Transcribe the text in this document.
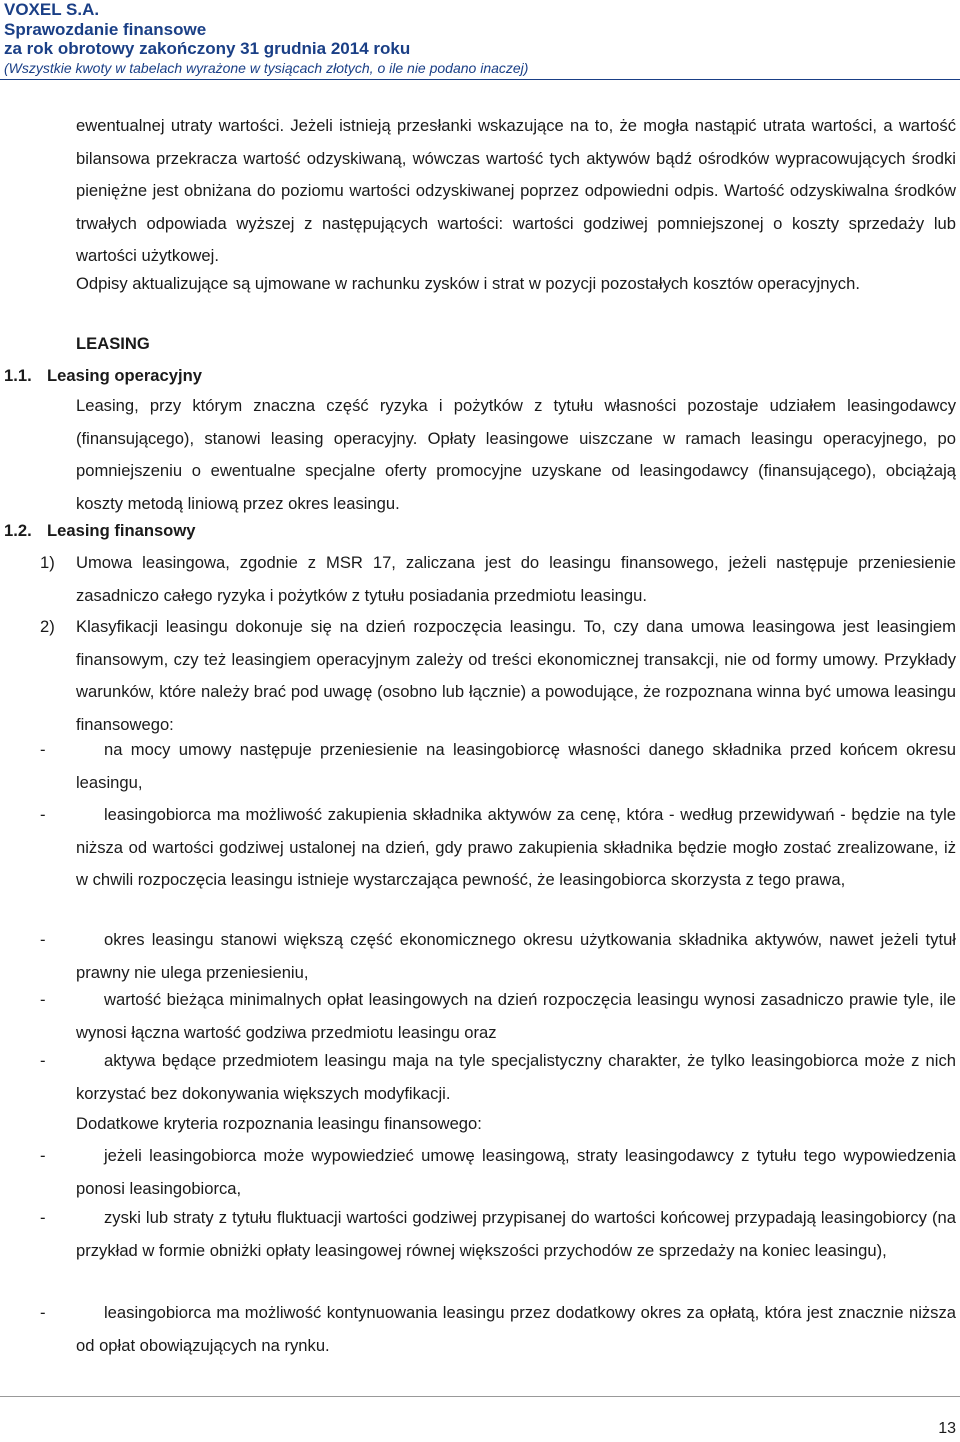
VOXEL S.A.
Sprawozdanie finansowe
za rok obrotowy zakończony 31 grudnia 2014 roku
(Wszystkie kwoty w tabelach wyrażone w tysiącach złotych, o ile nie podano inaczej)
ewentualnej utraty wartości. Jeżeli istnieją przesłanki wskazujące na to, że mogła nastąpić utrata wartości, a wartość bilansowa przekracza wartość odzyskiwaną, wówczas wartość tych aktywów bądź ośrodków wypracowujących środki pieniężne jest obniżana do poziomu wartości odzyskiwanej poprzez odpowiedni odpis. Wartość odzyskiwalna środków trwałych odpowiada wyższej z następujących wartości: wartości godziwej pomniejszonej o koszty sprzedaży lub wartości użytkowej.
Odpisy aktualizujące są ujmowane w rachunku zysków i strat w pozycji pozostałych kosztów operacyjnych.
LEASING
1.1. Leasing operacyjny
Leasing, przy którym znaczna część ryzyka i pożytków z tytułu własności pozostaje udziałem leasingodawcy (finansującego), stanowi leasing operacyjny. Opłaty leasingowe uiszczane w ramach leasingu operacyjnego, po pomniejszeniu o ewentualne specjalne oferty promocyjne uzyskane od leasingodawcy (finansującego), obciążają koszty metodą liniową przez okres leasingu.
1.2. Leasing finansowy
1) Umowa leasingowa, zgodnie z MSR 17, zaliczana jest do leasingu finansowego, jeżeli następuje przeniesienie zasadniczo całego ryzyka i pożytków z tytułu posiadania przedmiotu leasingu.
2) Klasyfikacji leasingu dokonuje się na dzień rozpoczęcia leasingu. To, czy dana umowa leasingowa jest leasingiem finansowym, czy też leasingiem operacyjnym zależy od treści ekonomicznej transakcji, nie od formy umowy. Przykłady warunków, które należy brać pod uwagę (osobno lub łącznie) a powodujące, że rozpoznana winna być umowa leasingu finansowego:
-	na mocy umowy następuje przeniesienie na leasingobiorcę własności danego składnika przed końcem okresu leasingu,
-	leasingobiorca ma możliwość zakupienia składnika aktywów za cenę, która - według przewidywań - będzie na tyle niższa od wartości godziwej ustalonej na dzień, gdy prawo zakupienia składnika będzie mogło zostać zrealizowane, iż w chwili rozpoczęcia leasingu istnieje wystarczająca pewność, że leasingobiorca skorzysta z tego prawa,
-	okres leasingu stanowi większą część ekonomicznego okresu użytkowania składnika aktywów, nawet jeżeli tytuł prawny nie ulega przeniesieniu,
-	wartość bieżąca minimalnych opłat leasingowych na dzień rozpoczęcia leasingu wynosi zasadniczo prawie tyle, ile wynosi łączna wartość godziwa przedmiotu leasingu oraz
-	aktywa będące przedmiotem leasingu maja na tyle specjalistyczny charakter, że tylko leasingobiorca może z nich korzystać bez dokonywania większych modyfikacji.
Dodatkowe kryteria rozpoznania leasingu finansowego:
-	jeżeli leasingobiorca może wypowiedzieć umowę leasingową, straty leasingodawcy z tytułu tego wypowiedzenia ponosi leasingobiorca,
-	zyski lub straty z tytułu fluktuacji wartości godziwej przypisanej do wartości końcowej przypadają leasingobiorcy (na przykład w formie obniżki opłaty leasingowej równej większości przychodów ze sprzedaży na koniec leasingu),
-	leasingobiorca ma możliwość kontynuowania leasingu przez dodatkowy okres za opłatą, która jest znacznie niższa od opłat obowiązujących na rynku.
13
